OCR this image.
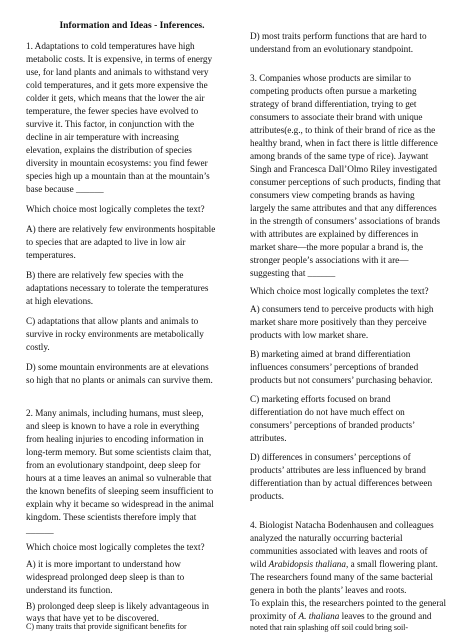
Information and Ideas - Inferences.

1. Adaptations to cold temperatures have high

metabolic costs. It is expensive, in terms of energy

use, for land plants and animals to withstand very

cold temperatures, and it gets more expensive the

colder it gets, which means that the lower the air

temperature, the fewer species have evolved to

survive it. This factor, in conjunction with the

decline in air temperature with increasing

elevation, explains the distribution of species

diversity in mountain ecosystems: you find fewer

species high up a mountain than at the mountain’s

base because ______

Which choice most logically completes the text?

A) there are relatively few environments hospitable

to species that are adapted to live in low air

temperatures.

B) there are relatively few species with the

adaptations necessary to tolerate the temperatures

at high elevations.

C) adaptations that allow plants and animals to

survive in rocky environments are metabolically

costly.

D) some mountain environments are at elevations

so high that no plants or animals can survive them.

2. Many animals, including humans, must sleep,

and sleep is known to have a role in everything

from healing injuries to encoding information in

long-term memory. But some scientists claim that,

from an evolutionary standpoint, deep sleep for

hours at a time leaves an animal so vulnerable that

the known benefits of sleeping seem insufficient to

explain why it became so widespread in the animal

kingdom. These scientists therefore imply that

______

Which choice most logically completes the text?

A) it is more important to understand how

widespread prolonged deep sleep is than to

understand its function.

B) prolonged deep sleep is likely advantageous in

ways that have yet to be discovered.

D) most traits perform functions that are hard to

understand from an evolutionary standpoint.

3. Companies whose products are similar to

competing products often pursue a marketing

strategy of brand differentiation, trying to get

consumers to associate their brand with unique

attributes(e.g., to think of their brand of rice as the

healthy brand, when in fact there is little difference

among brands of the same type of rice). Jaywant

Singh and Francesca Dall’Olmo Riley investigated

consumer perceptions of such products, finding that

consumers view competing brands as having

largely the same attributes and that any differences

in the strength of consumers’ associations of brands

with attributes are explained by differences in

market share—the more popular a brand is, the

stronger people’s associations with it are—

suggesting that ______

Which choice most logically completes the text?

A) consumers tend to perceive products with high

market share more positively than they perceive

products with low market share.

B) marketing aimed at brand differentiation

influences consumers’ perceptions of branded

products but not consumers’ purchasing behavior.

C) marketing efforts focused on brand

differentiation do not have much effect on

consumers’ perceptions of branded products’

attributes.

D) differences in consumers’ perceptions of

products’ attributes are less influenced by brand

differentiation than by actual differences between

products.

4. Biologist Natacha Bodenhausen and colleagues

analyzed the naturally occurring bacterial

communities associated with leaves and roots of

wild Arabidopsis thaliana, a small flowering plant.

The researchers found many of the same bacterial

genera in both the plants’ leaves and roots.

To explain this, the researchers pointed to the general

proximity of A. thaliana leaves to the ground and

noted that rain splashing off soil could bring soil-

C) many traits that provide significant benefits for
